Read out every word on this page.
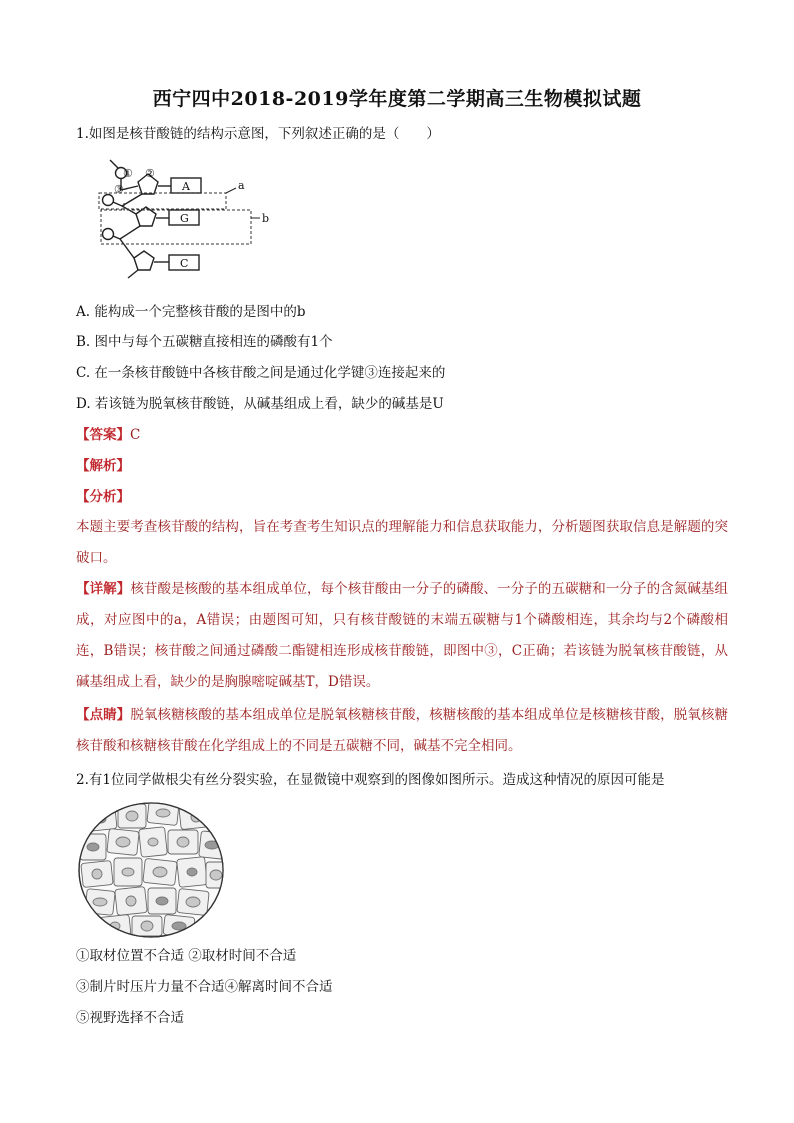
西宁四中2018-2019学年度第二学期高三生物模拟试题
1.如图是核苷酸链的结构示意图，下列叙述正确的是（　　）
① ②
③	A
G
C
a
b
A. 能构成一个完整核苷酸的是图中的b
B. 图中与每个五碳糖直接相连的磷酸有1个
C. 在一条核苷酸链中各核苷酸之间是通过化学键③连接起来的
D. 若该链为脱氧核苷酸链，从碱基组成上看，缺少的碱基是U
【答案】C
【解析】
【分析】
本题主要考查核苷酸的结构，旨在考查考生知识点的理解能力和信息获取能力，分析题图获取信息是解题的突破口。
【详解】核苷酸是核酸的基本组成单位，每个核苷酸由一分子的磷酸、一分子的五碳糖和一分子的含氮碱基组成，对应图中的a，A错误；由题图可知，只有核苷酸链的末端五碳糖与1个磷酸相连，其余均与2个磷酸相连，B错误；核苷酸之间通过磷酸二酯键相连形成核苷酸链，即图中③，C正确；若该链为脱氧核苷酸链，从碱基组成上看，缺少的是胸腺嘧啶碱基T，D错误。
【点睛】脱氧核糖核酸的基本组成单位是脱氧核糖核苷酸，核糖核酸的基本组成单位是核糖核苷酸，脱氧核糖核苷酸和核糖核苷酸在化学组成上的不同是五碳糖不同，碱基不完全相同。
2.有1位同学做根尖有丝分裂实验，在显微镜中观察到的图像如图所示。造成这种情况的原因可能是
①取材位置不合适 ②取材时间不合适
③制片时压片力量不合适④解离时间不合适
⑤视野选择不合适
